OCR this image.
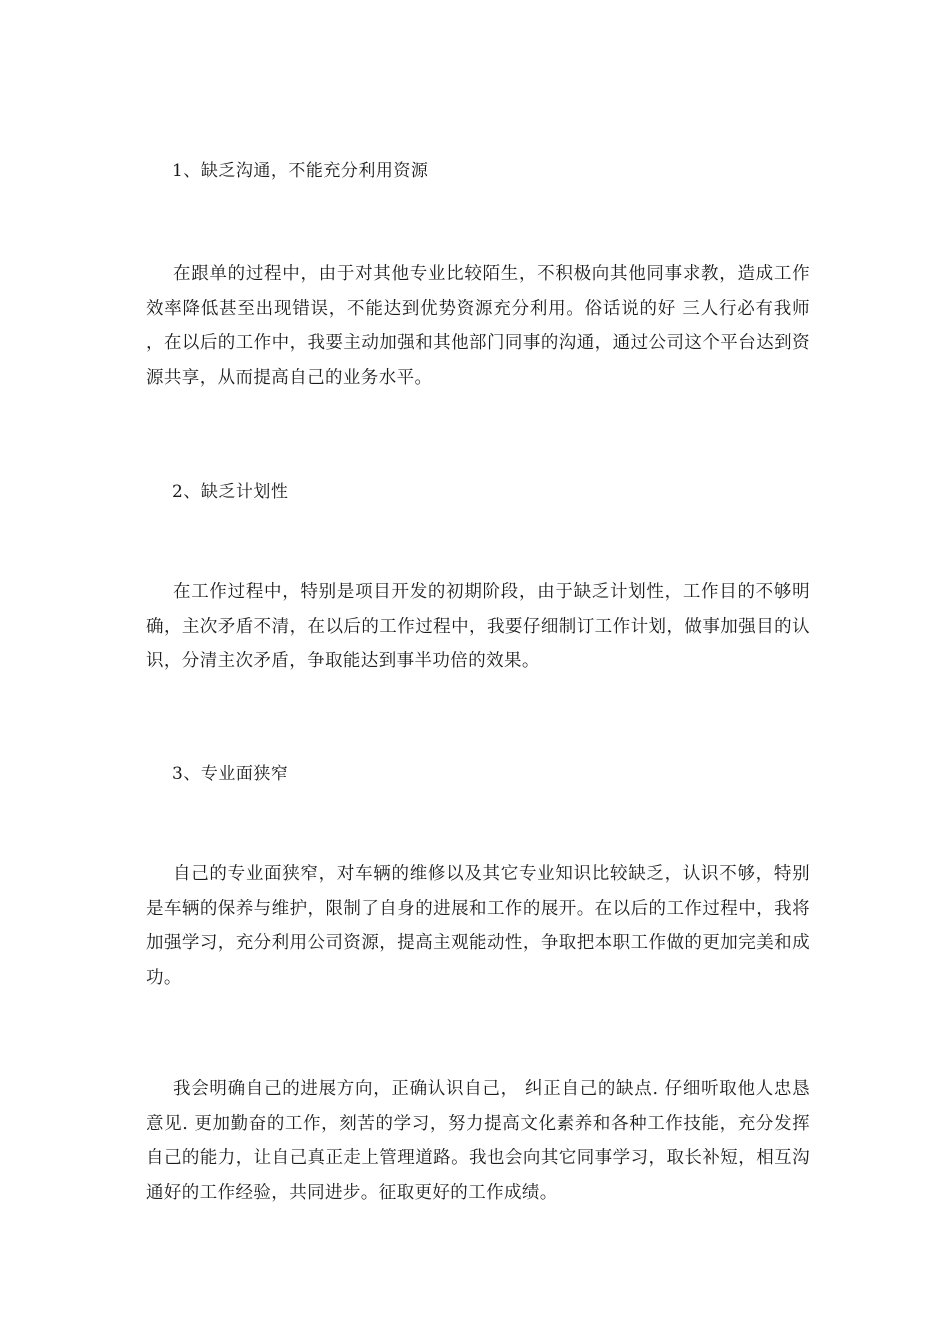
1、缺乏沟通，不能充分利用资源

在跟单的过程中，由于对其他专业比较陌生，不积极向其他同事求教，造成工作效率降低甚至出现错误，不能达到优势资源充分利用。俗话说的好 三人行必有我师 ，在以后的工作中，我要主动加强和其他部门同事的沟通，通过公司这个平台达到资源共享，从而提高自己的业务水平。

2、缺乏计划性

在工作过程中，特别是项目开发的初期阶段，由于缺乏计划性，工作目的不够明确，主次矛盾不清，在以后的工作过程中，我要仔细制订工作计划，做事加强目的认识，分清主次矛盾，争取能达到事半功倍的效果。

3、专业面狭窄

自己的专业面狭窄，对车辆的维修以及其它专业知识比较缺乏，认识不够，特别是车辆的保养与维护，限制了自身的进展和工作的展开。在以后的工作过程中，我将加强学习，充分利用公司资源，提高主观能动性，争取把本职工作做的更加完美和成功。

我会明确自己的进展方向，正确认识自己， 纠正自己的缺点. 仔细听取他人忠恳意见. 更加勤奋的工作，刻苦的学习，努力提高文化素养和各种工作技能，充分发挥自己的能力，让自己真正走上管理道路。我也会向其它同事学习，取长补短，相互沟通好的工作经验，共同进步。征取更好的工作成绩。
